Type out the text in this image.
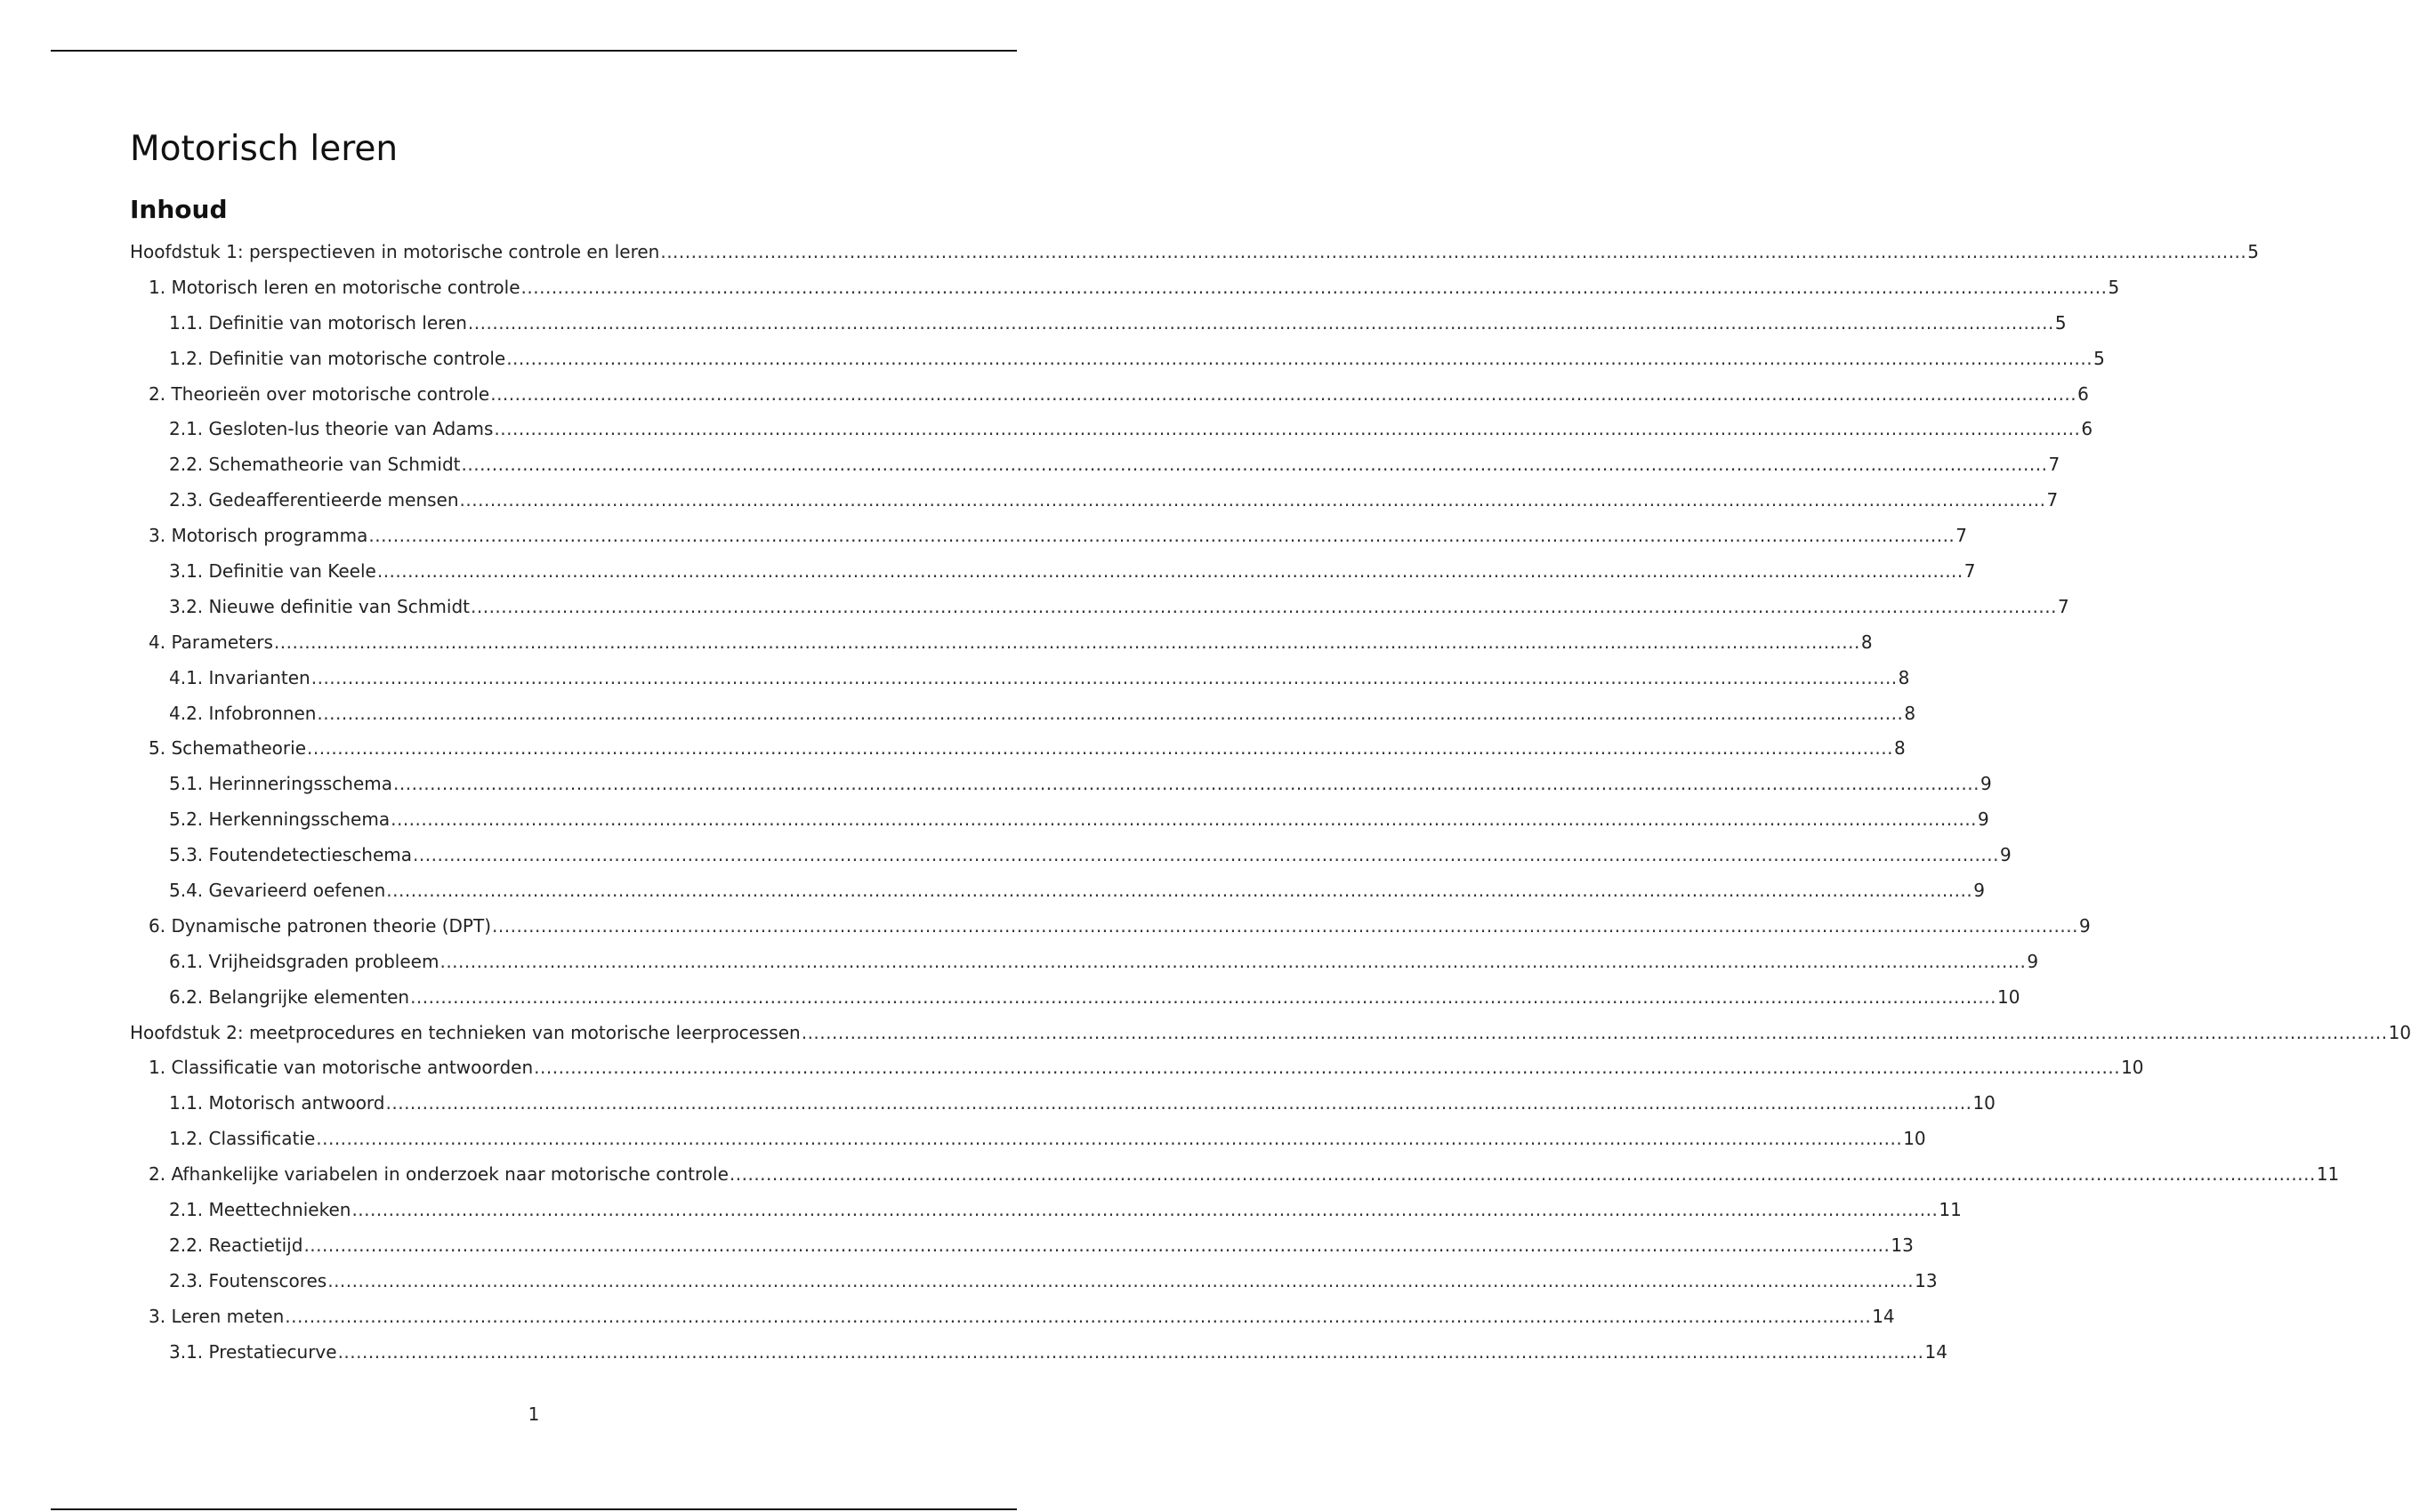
Motorisch leren
Inhoud
Hoofdstuk 1: perspectieven in motorische controle en leren .................................................................................................................................................................................................................................................................... 5
1. Motorisch leren en motorische controle .................................................................................................................................................................................................................................................................... 5
1.1. Definitie van motorisch leren .................................................................................................................................................................................................................................................................... 5
1.2. Definitie van motorische controle .................................................................................................................................................................................................................................................................... 5
2. Theorieën over motorische controle .................................................................................................................................................................................................................................................................... 6
2.1. Gesloten-lus theorie van Adams .................................................................................................................................................................................................................................................................... 6
2.2. Schematheorie van Schmidt .................................................................................................................................................................................................................................................................... 7
2.3. Gedeafferentieerde mensen .................................................................................................................................................................................................................................................................... 7
3. Motorisch programma .................................................................................................................................................................................................................................................................... 7
3.1. Definitie van Keele .................................................................................................................................................................................................................................................................... 7
3.2. Nieuwe definitie van Schmidt .................................................................................................................................................................................................................................................................... 7
4. Parameters .................................................................................................................................................................................................................................................................... 8
4.1. Invarianten .................................................................................................................................................................................................................................................................... 8
4.2. Infobronnen .................................................................................................................................................................................................................................................................... 8
5. Schematheorie .................................................................................................................................................................................................................................................................... 8
5.1. Herinneringsschema .................................................................................................................................................................................................................................................................... 9
5.2. Herkenningsschema .................................................................................................................................................................................................................................................................... 9
5.3. Foutendetectieschema .................................................................................................................................................................................................................................................................... 9
5.4. Gevarieerd oefenen .................................................................................................................................................................................................................................................................... 9
6. Dynamische patronen theorie (DPT) .................................................................................................................................................................................................................................................................... 9
6.1. Vrijheidsgraden probleem .................................................................................................................................................................................................................................................................... 9
6.2. Belangrijke elementen .................................................................................................................................................................................................................................................................... 10
Hoofdstuk 2: meetprocedures en technieken van motorische leerprocessen .................................................................................................................................................................................................................................................................... 10
1. Classificatie van motorische antwoorden .................................................................................................................................................................................................................................................................... 10
1.1. Motorisch antwoord .................................................................................................................................................................................................................................................................... 10
1.2. Classificatie .................................................................................................................................................................................................................................................................... 10
2. Afhankelijke variabelen in onderzoek naar motorische controle .................................................................................................................................................................................................................................................................... 11
2.1. Meettechnieken .................................................................................................................................................................................................................................................................... 11
2.2. Reactietijd .................................................................................................................................................................................................................................................................... 13
2.3. Foutenscores .................................................................................................................................................................................................................................................................... 13
3. Leren meten .................................................................................................................................................................................................................................................................... 14
3.1. Prestatiecurve .................................................................................................................................................................................................................................................................... 14
1
